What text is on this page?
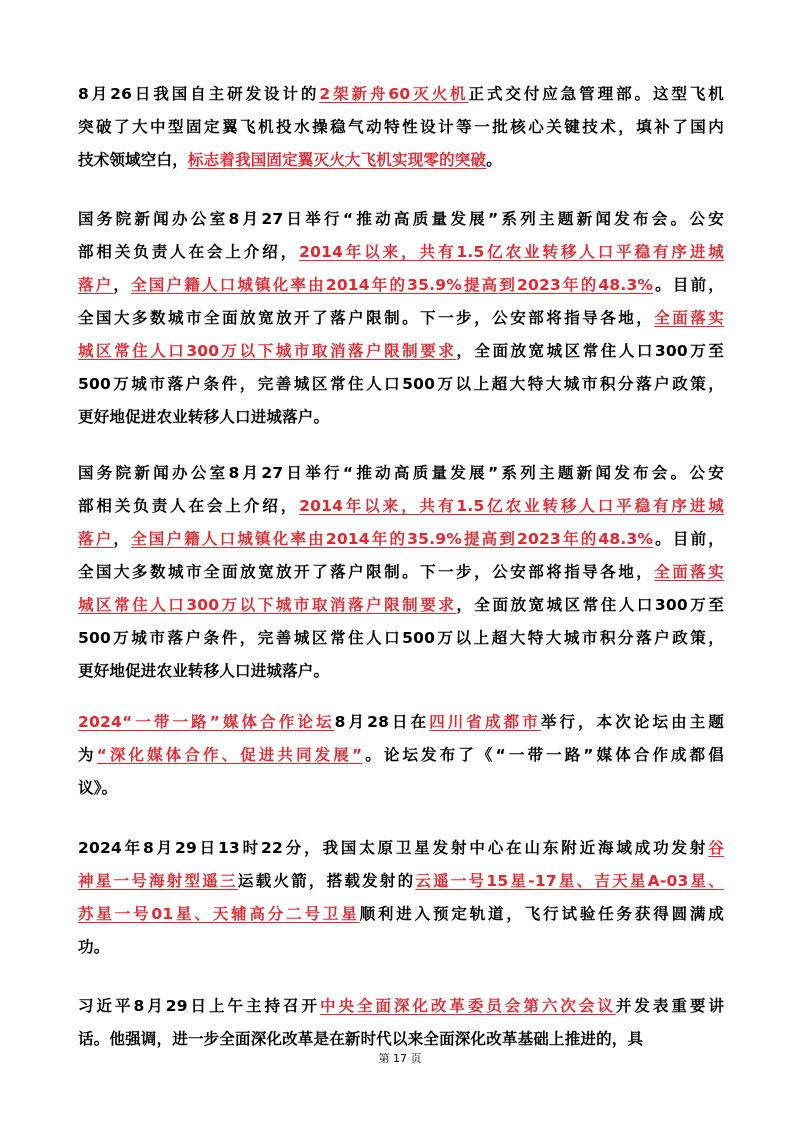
8月26日我国自主研发设计的2架新舟60灭火机正式交付应急管理部。这型飞机
突破了大中型固定翼飞机投水操稳气动特性设计等一批核心关键技术，填补了国内
技术领域空白，标志着我国固定翼灭火大飞机实现零的突破。

国务院新闻办公室8月27日举行“推动高质量发展”系列主题新闻发布会。公安
部相关负责人在会上介绍，2014年以来，共有1.5亿农业转移人口平稳有序进城
落户，全国户籍人口城镇化率由2014年的35.9%提高到2023年的48.3%。目前，
全国大多数城市全面放宽放开了落户限制。下一步，公安部将指导各地，全面落实
城区常住人口300万以下城市取消落户限制要求，全面放宽城区常住人口300万至
500万城市落户条件，完善城区常住人口500万以上超大特大城市积分落户政策，
更好地促进农业转移人口进城落户。

国务院新闻办公室8月27日举行“推动高质量发展”系列主题新闻发布会。公安
部相关负责人在会上介绍，2014年以来，共有1.5亿农业转移人口平稳有序进城
落户，全国户籍人口城镇化率由2014年的35.9%提高到2023年的48.3%。目前，
全国大多数城市全面放宽放开了落户限制。下一步，公安部将指导各地，全面落实
城区常住人口300万以下城市取消落户限制要求，全面放宽城区常住人口300万至
500万城市落户条件，完善城区常住人口500万以上超大特大城市积分落户政策，
更好地促进农业转移人口进城落户。

2024“一带一路”媒体合作论坛8月28日在四川省成都市举行，本次论坛由主题
为“深化媒体合作、促进共同发展”。论坛发布了《“一带一路”媒体合作成都倡
议》。

2024年8月29日13时22分，我国太原卫星发射中心在山东附近海域成功发射谷
神星一号海射型遥三运载火箭，搭载发射的云遥一号15星-17星、吉天星A-03星、
苏星一号01星、天辅高分二号卫星顺利进入预定轨道，飞行试验任务获得圆满成
功。

习近平8月29日上午主持召开中央全面深化改革委员会第六次会议并发表重要讲
话。他强调，进一步全面深化改革是在新时代以来全面深化改革基础上推进的，具

第 17 页
